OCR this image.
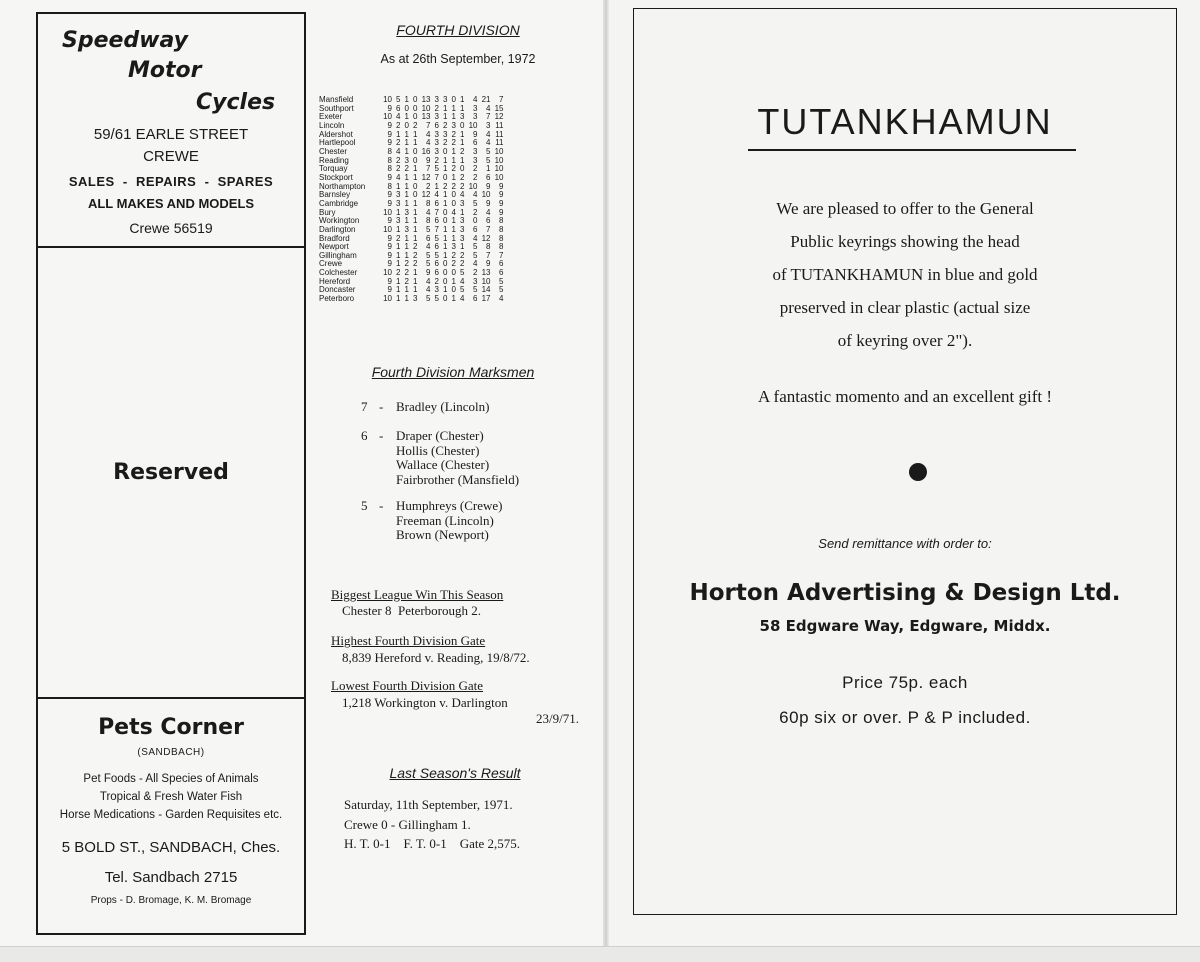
Speedway
Motor
Cycles
59/61 EARLE STREET
CREWE
SALES - REPAIRS - SPARES
ALL MAKES AND MODELS
Crewe 56519
Reserved
Pets Corner
(SANDBACH)
Pet Foods - All Species of Animals
Tropical & Fresh Water Fish
Horse Medications - Garden Requisites etc.
5 BOLD ST., SANDBACH, Ches.
Tel. Sandbach 2715
Props - D. Bromage, K. M. Bromage
FOURTH DIVISION
As at 26th September, 1972
Mansfield	10	5	1	0	13	3	3	0	1	4	21	7
Southport	9	6	0	0	10	2	1	1	1	3	4	15
Exeter	10	4	1	0	13	3	1	1	3	3	7	12
Lincoln	9	2	0	2	7	6	2	3	0	10	3	11
Aldershot	9	1	1	1	4	3	3	2	1	9	4	11
Hartlepool	9	2	1	1	4	3	2	2	1	6	4	11
Chester	8	4	1	0	16	3	0	1	2	3	5	10
Reading	8	2	3	0	9	2	1	1	1	3	5	10
Torquay	8	2	2	1	7	5	1	2	0	2	1	10
Stockport	9	4	1	1	12	7	0	1	2	2	6	10
Northampton	8	1	1	0	2	1	2	2	2	10	9	9
Barnsley	9	3	1	0	12	4	1	0	4	4	10	9
Cambridge	9	3	1	1	8	6	1	0	3	5	9	9
Bury	10	1	3	1	4	7	0	4	1	2	4	9
Workington	9	3	1	1	8	6	0	1	3	0	6	8
Darlington	10	1	3	1	5	7	1	1	3	6	7	8
Bradford	9	2	1	1	6	5	1	1	3	4	12	8
Newport	9	1	1	2	4	6	1	3	1	5	8	8
Gillingham	9	1	1	2	5	5	1	2	2	5	7	7
Crewe	9	1	2	2	5	6	0	2	2	4	9	6
Colchester	10	2	2	1	9	6	0	0	5	2	13	6
Hereford	9	1	2	1	4	2	0	1	4	3	10	5
Doncaster	9	1	1	1	4	3	1	0	5	5	14	5
Peterboro	10	1	1	3	5	5	0	1	4	6	17	4
Fourth Division Marksmen
7 - Bradley (Lincoln)
6 - Draper (Chester)
Hollis (Chester)
Wallace (Chester)
Fairbrother (Mansfield)
5 - Humphreys (Crewe)
Freeman (Lincoln)
Brown (Newport)
Biggest League Win This Season
Chester 8  Peterborough 2.
Highest Fourth Division Gate
8,839 Hereford v. Reading, 19/8/72.
Lowest Fourth Division Gate
1,218 Workington v. Darlington
23/9/71.
Last Season's Result
Saturday, 11th September, 1971.
Crewe 0 - Gillingham 1.
H. T. 0-1    F. T. 0-1    Gate 2,575.
TUTANKHAMUN
We are pleased to offer to the General
Public keyrings showing the head
of TUTANKHAMUN in blue and gold
preserved in clear plastic (actual size
of keyring over 2").
A fantastic momento and an excellent gift !
Send remittance with order to:
Horton Advertising & Design Ltd.
58 Edgware Way, Edgware, Middx.
Price 75p. each
60p six or over. P & P included.
